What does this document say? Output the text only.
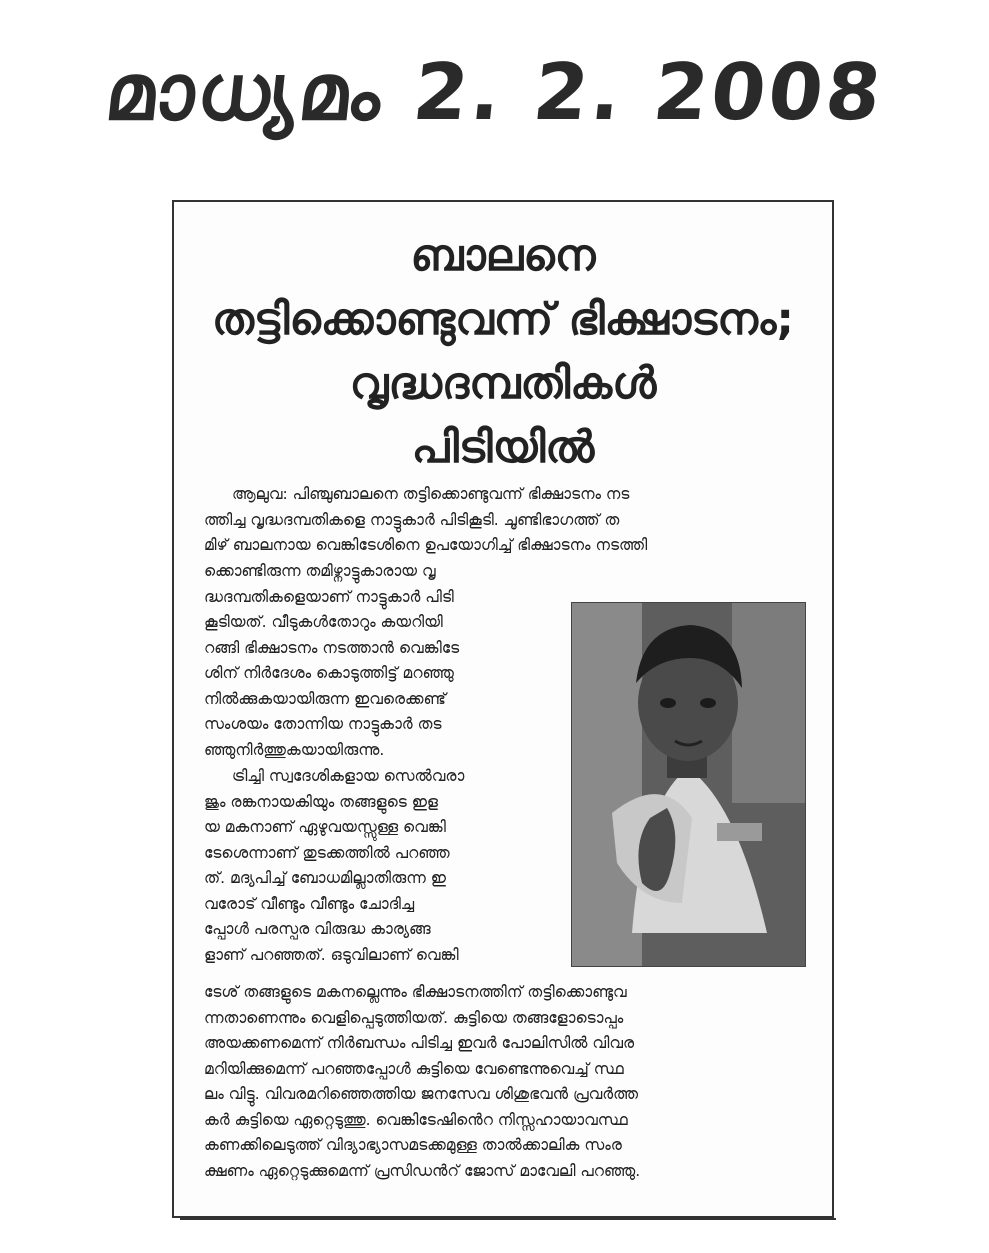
മാധ്യമം 2. 2. 2008
ബാലനെ
തട്ടിക്കൊണ്ടുവന്ന് ഭിക്ഷാടനം;
വൃദ്ധദമ്പതികൾ
പിടിയിൽ
ആലുവ: പിഞ്ചുബാലനെ തട്ടിക്കൊണ്ടുവന്ന് ഭിക്ഷാടനം നട
ത്തിച്ച വൃദ്ധദമ്പതികളെ നാട്ടുകാർ പിടികൂടി. ചൂണ്ടിഭാഗത്ത് ത
മിഴ് ബാലനായ വെങ്കിടേശിനെ ഉപയോഗിച്ച് ഭിക്ഷാടനം നടത്തി
ക്കൊണ്ടിരുന്ന തമിഴ്നാട്ടുകാരായ വൃ
ദ്ധദമ്പതികളെയാണ് നാട്ടുകാർ പിടി
കൂടിയത്. വീടുകൾതോറും കയറിയി
റങ്ങി ഭിക്ഷാടനം നടത്താൻ വെങ്കിടേ
ശിന് നിർദേശം കൊടുത്തിട്ട് മറഞ്ഞു
നിൽക്കുകയായിരുന്ന ഇവരെക്കണ്ട്
സംശയം തോന്നിയ നാട്ടുകാർ തട
ഞ്ഞുനിർത്തുകയായിരുന്നു.
ട്രിച്ചി സ്വദേശികളായ സെൽവരാ
ജും രങ്കനായകിയും തങ്ങളുടെ ഇള
യ മകനാണ് ഏഴുവയസ്സുള്ള വെങ്കി
ടേശെന്നാണ് തുടക്കത്തിൽ പറഞ്ഞ
ത്. മദ്യപിച്ച് ബോധമില്ലാതിരുന്ന ഇ
വരോട് വീണ്ടും വീണ്ടും ചോദിച്ച
പ്പോൾ പരസ്പര വിരുദ്ധ കാര്യങ്ങ
ളാണ് പറഞ്ഞത്. ഒടുവിലാണ് വെങ്കി
ടേശ് തങ്ങളുടെ മകനല്ലെന്നും ഭിക്ഷാടനത്തിന് തട്ടിക്കൊണ്ടുവ
ന്നതാണെന്നും വെളിപ്പെടുത്തിയത്. കുട്ടിയെ തങ്ങളോടൊപ്പം
അയക്കണമെന്ന് നിർബന്ധം പിടിച്ച ഇവർ പോലിസിൽ വിവര
മറിയിക്കുമെന്ന് പറഞ്ഞപ്പോൾ കുട്ടിയെ വേണ്ടെന്നുവെച്ച് സ്ഥ
ലം വിട്ടു. വിവരമറിഞ്ഞെത്തിയ ജനസേവ ശിശുഭവൻ പ്രവർത്ത
കർ കുട്ടിയെ ഏറ്റെടുത്തു. വെങ്കിടേഷിൻെറ നിസ്സഹായാവസ്ഥ
കണക്കിലെടുത്ത് വിദ്യാഭ്യാസമടക്കമുള്ള താൽക്കാലിക സംര
ക്ഷണം ഏറ്റെടുക്കുമെന്ന് പ്രസിഡൻറ് ജോസ് മാവേലി പറഞ്ഞു.
